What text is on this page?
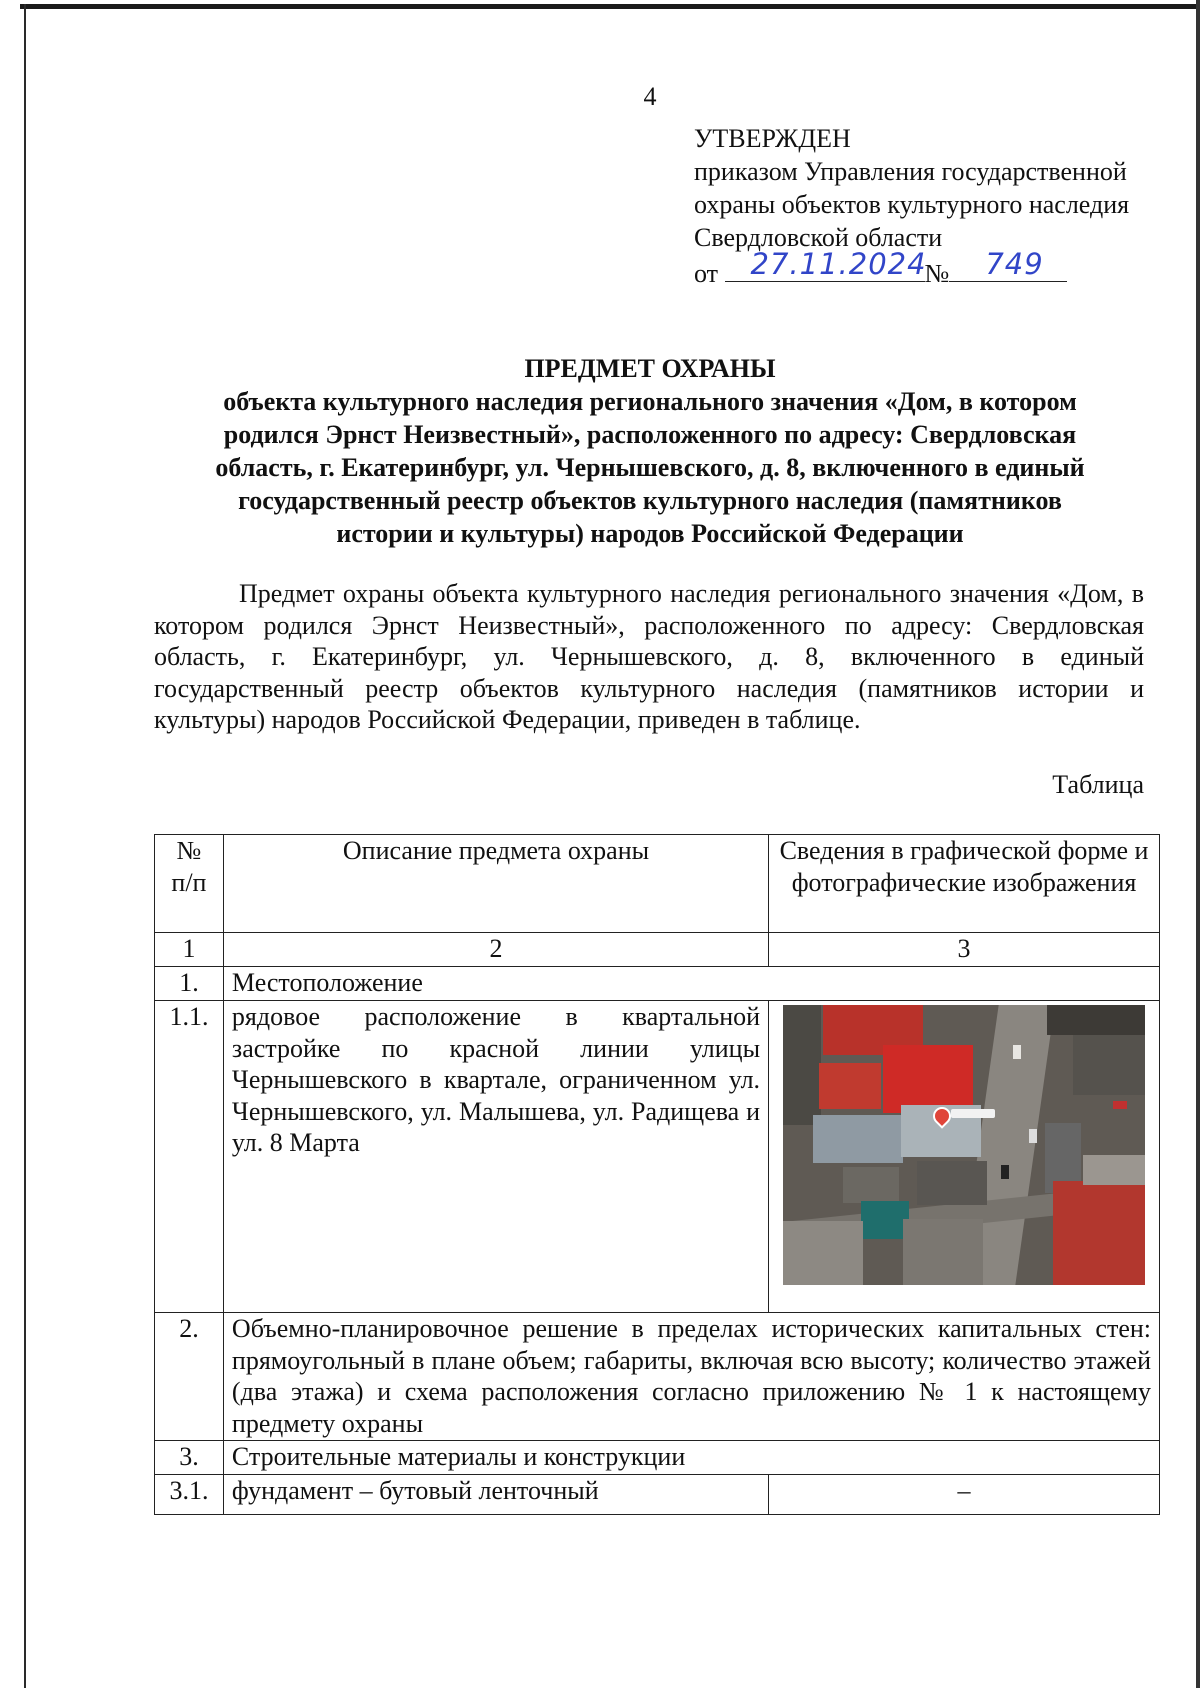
4
УТВЕРЖДЕН
приказом Управления государственной
охраны объектов культурного наследия
Свердловской области
от 27.11.2024
№ 749
ПРЕДМЕТ ОХРАНЫ
объекта культурного наследия регионального значения «Дом, в котором
родился Эрнст Неизвестный», расположенного по адресу: Свердловская
область, г. Екатеринбург, ул. Чернышевского, д. 8, включенного в единый
государственный реестр объектов культурного наследия (памятников
истории и культуры) народов Российской Федерации
Предмет охраны объекта культурного наследия регионального значения «Дом, в котором родился Эрнст Неизвестный», расположенного по адресу: Свердловская область, г. Екатеринбург, ул. Чернышевского, д. 8, включенного в единый государственный реестр объектов культурного наследия (памятников истории и культуры) народов Российской Федерации, приведен в таблице.
Таблица
№ п/п	Описание предмета охраны	Сведения в графической форме и фотографические изображения
1	2	3
1.	Местоположение	
1.1.	рядовое расположение в квартальной застройке по красной линии улицы Чернышевского в квартале, ограниченном ул. Чернышевского, ул. Малышева, ул. Радищева и ул. 8 Марта	

2.	Объемно-планировочное решение в пределах исторических капитальных стен: прямоугольный в плане объем; габариты, включая всю высоту; количество этажей (два этажа) и схема расположения согласно приложению № 1 к настоящему предмету охраны	
3.	Строительные материалы и конструкции	
3.1.	фундамент – бутовый ленточный	–
